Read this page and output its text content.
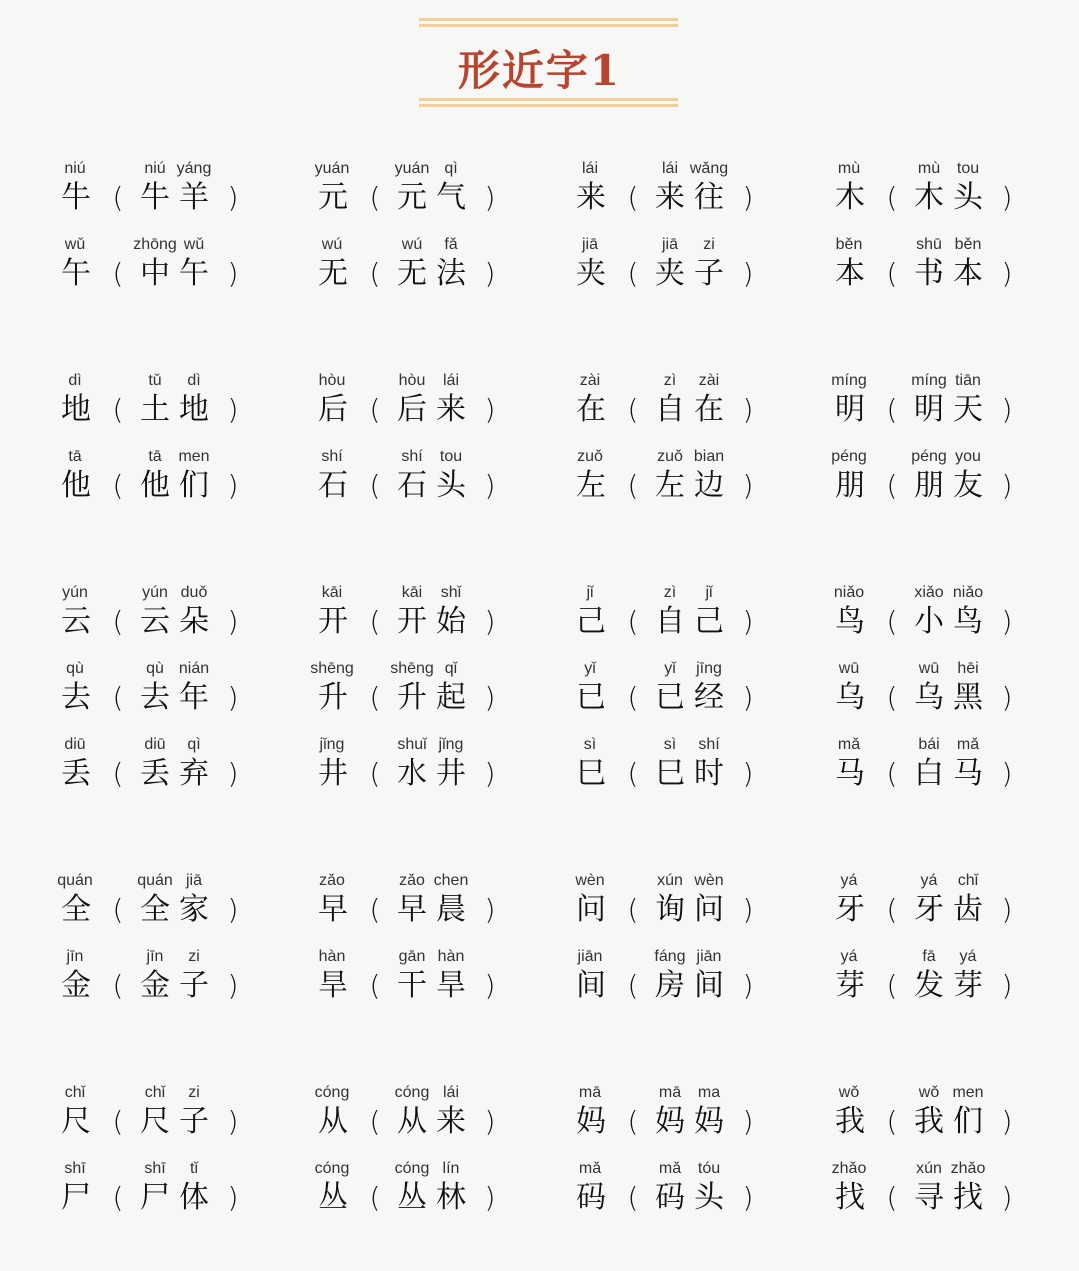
形近字1
niú	niú yáng
牛 ( 牛 羊 )
yuán	yuán qì
元 ( 元 气 )
lái	lái wǎng
来 ( 来 往 )
mù	mù	tou
木 ( 木 头 )
wǔ	zhōng wǔ
午 ( 中 午 )
wú	wú	fǎ
无 ( 无 法 )
jiā	jiā	zi
夹 ( 夹 子 )
běn	shū běn
本 ( 书 本 )
dì	tǔ	dì
地 ( 土 地 )
hòu	hòu	lái
后 ( 后 来 )
zài	zì	zài
在 ( 自 在 )
míng	míng tiān
明 ( 明 天 )
tā	tā	men
他 ( 他 们 )
shí	shí	tou
石 ( 石 头 )
zuǒ	zuǒ bian
左 ( 左 边 )
péng	péng you
朋 ( 朋 友 )
yún	yún duǒ
云 ( 云 朵 )
kāi	kāi	shǐ
开 ( 开 始 )
jǐ	zì	jǐ
己 ( 自 己 )
niǎo	xiǎo niǎo
鸟 ( 小 鸟 )
qù	qù nián
去 ( 去 年 )
shēng	shēng qǐ
升 ( 升 起 )
yǐ	yǐ	jīng
已 ( 已 经 )
wū	wū	hēi
乌 ( 乌 黑 )
diū	diū	qì
丢 ( 丢 弃 )
jǐng	shuǐ jǐng
井 ( 水 井 )
sì	sì	shí
巳 ( 巳 时 )
mǎ	bái	mǎ
马 ( 白 马 )
quán	quán jiā
全 ( 全 家 )
zǎo	zǎo chen
早 ( 早 晨 )
wèn	xún wèn
问 ( 询 问 )
yá	yá	chǐ
牙 ( 牙 齿 )
jīn	jīn	zi
金 ( 金 子 )
hàn	gān hàn
旱 ( 干 旱 )
jiān	fáng jiān
间 ( 房 间 )
yá	fā	yá
芽 ( 发 芽 )
chǐ	chǐ	zi
尺 ( 尺 子 )
cóng	cóng lái
从 ( 从 来 )
mā	mā	ma
妈 ( 妈 妈 )
wǒ	wǒ men
我 ( 我 们 )
shī	shī	tǐ
尸 ( 尸 体 )
cóng	cóng lín
丛 ( 丛 林 )
mǎ	mǎ	tóu
码 ( 码 头 )
zhǎo	xún zhǎo
找 ( 寻 找 )
